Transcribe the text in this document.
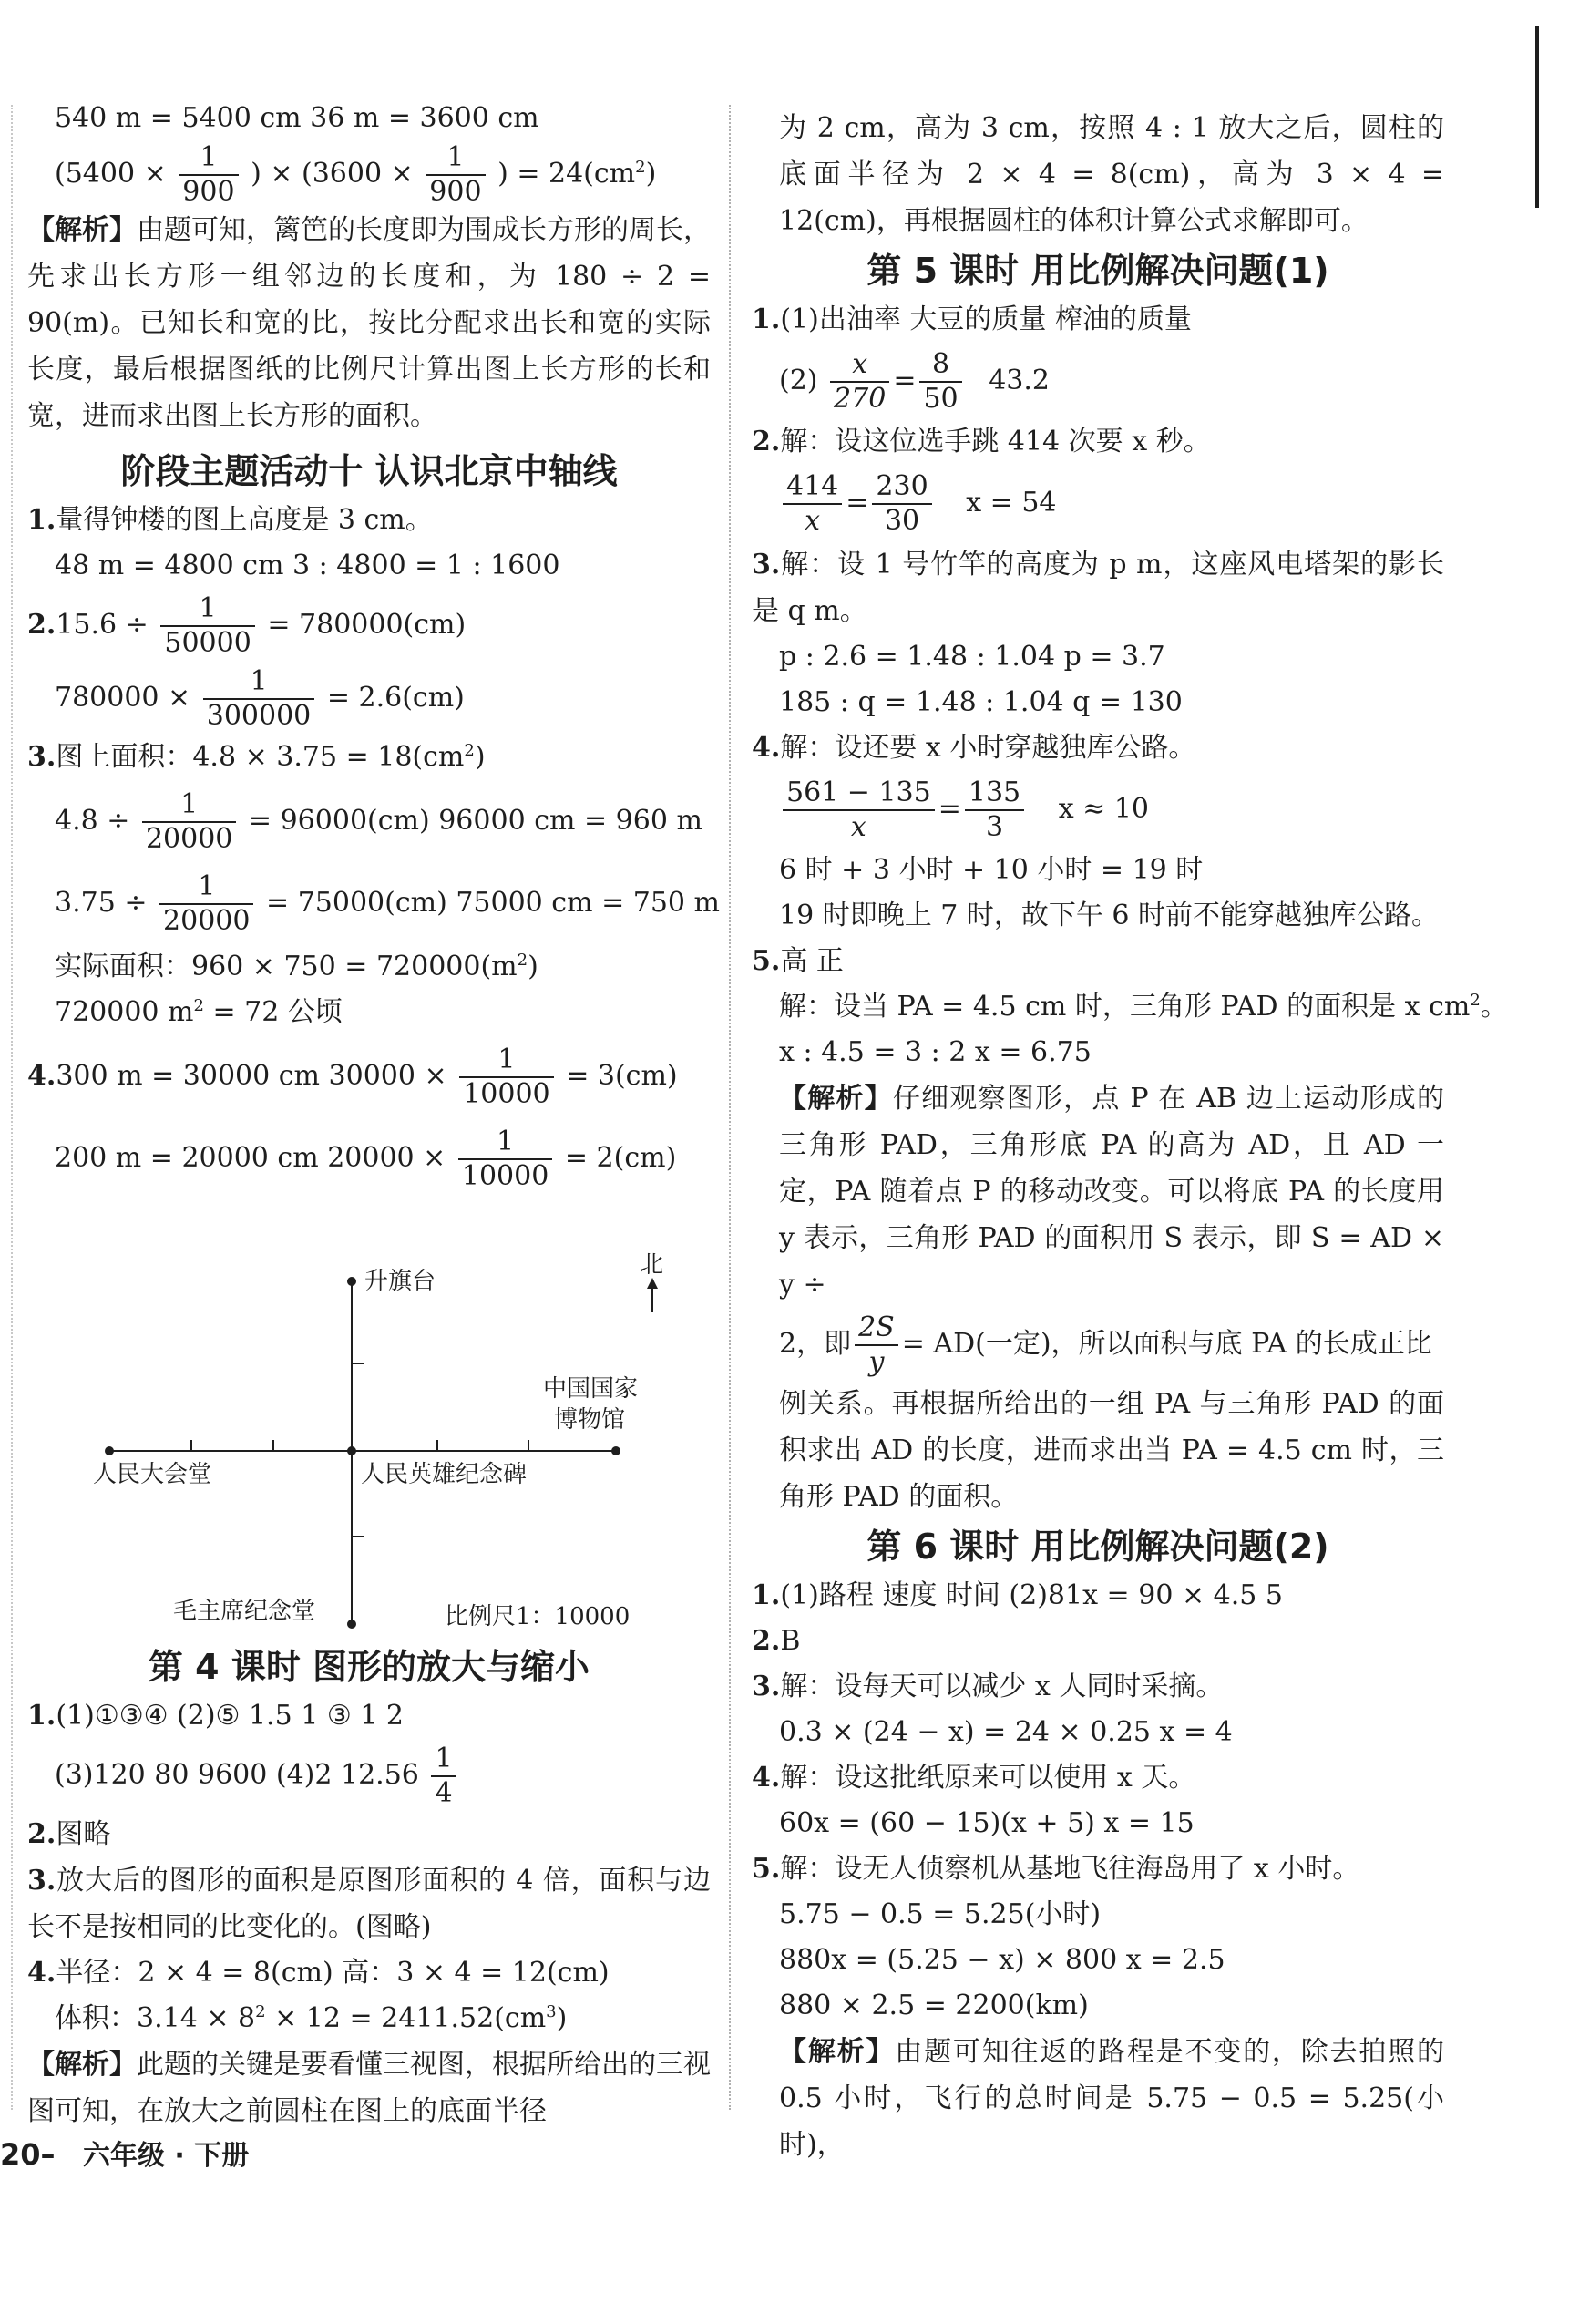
540 m = 5400 cm 36 m = 3600 cm
($5400 \times \frac{1}{900}$ ) × ($3600 \times \frac{1}{900}$ ) = $24(cm^2)$
【解析】由题可知，篱笆的长度即为围成长方形的周长，先求出长方形一组邻边的长度和，为 180 ÷ 2 = 90(m)。已知长和宽的比，按比分配求出长和宽的实际长度，最后根据图纸的比例尺计算出图上长方形的长和宽，进而求出图上长方形的面积。
阶段主题活动十 认识北京中轴线
1.量得钟楼的图上高度是 3 cm。
48 m = 4800 cm 3 : 4800 = 1 : 1600
$2.15.6 \div \frac{1}{50000} = 780000(cm)$
$780000 \times \frac{1}{300000} = 2.6(cm)$
3.图上面积：$4.8 \times 3.75 = 18(cm^2)$
$4.8 \div \frac{1}{20000} = 96000(cm)$ 96000 cm = 960 m
$3.75 \div \frac{1}{20000} = 75000(cm)$ 75000 cm = 750 m
实际面积：$960 \times 750 = 720000(m^2)$
720000 $m^2 = 72$ 公顷
4.300 m = 30000 cm $30000 \times \frac{1}{10000} = 3(cm)$
200 m = 20000 cm $20000 \times \frac{1}{10000} = 2(cm)$
升旗台
北
中国国家
博物馆
人民大会堂	人民英雄纪念碑
毛主席纪念堂	比例尺1：10000
第 4 课时 图形的放大与缩小
1.(1)①③④ (2)⑤ 1.5 1 ③ 1 2
(3)120 80 9600 (4)2 $12.56 \frac{1}{4}$
2.图略
3.放大后的图形的面积是原图形面积的 4 倍，面积与边长不是按相同的比变化的。(图略)
4.半径：2 × 4 = 8(cm) 高：3 × 4 = 12(cm)
体积：$3.14 \times 8^2 \times 12 = 2411.52(cm^3)$
【解析】此题的关键是要看懂三视图，根据所给出的三视图可知，在放大之前圆柱在图上的底面半径
为 2 cm，高为 3 cm，按照 4 : 1 放大之后，圆柱的底面半径为 2 × 4 = 8(cm)，高为 3 × 4 = 12(cm)，再根据圆柱的体积计算公式求解即可。
第 5 课时 用比例解决问题(1)
1.(1)出油率 大豆的质量 榨油的质量
$(2) \frac{x}{270} = \frac{8}{50} 43.2$
2.解：设这位选手跳 414 次要 x 秒。
$\frac{414}{x} = \frac{230}{30}$ x = 54
3.解：设 1 号竹竿的高度为 p m，这座风电塔架的影长是 q m。
p : 2.6 = 1.48 : 1.04 p = 3.7
185 : q = 1.48 : 1.04 q = 130
4.解：设还要 x 小时穿越独库公路。
$\frac{561 - 135}{x} = \frac{135}{3}$ x ≈ 10
6 时 + 3 小时 + 10 小时 = 19 时
19 时即晚上 7 时，故下午 6 时前不能穿越独库公路。
5.高 正
解：设当 PA = 4.5 cm 时，三角形 PAD 的面积是 x $cm^2$。
x : 4.5 = 3 : 2 x = 6.75
【解析】仔细观察图形，点 P 在 AB 边上运动形成的三角形 PAD，三角形底 PA 的高为 AD，且 AD 一定，PA 随着点 P 的移动改变。可以将底 PA 的长度用 y 表示，三角形 PAD 的面积用 S 表示，即 S = AD × y ÷
2，即 $\frac{2S}{y} = AD$(一定)，所以面积与底 PA 的长成正比
例关系。再根据所给出的一组 PA 与三角形 PAD 的面积求出 AD 的长度，进而求出当 PA = 4.5 cm 时，三角形 PAD 的面积。
第 6 课时 用比例解决问题(2)
1.(1)路程 速度 时间 (2)81x = 90 × 4.5 5
2.B
3.解：设每天可以减少 x 人同时采摘。
0.3 × (24 − x) = 24 × 0.25 x = 4
4.解：设这批纸原来可以使用 x 天。
60x = (60 − 15)(x + 5) x = 15
5.解：设无人侦察机从基地飞往海岛用了 x 小时。
5.75 − 0.5 = 5.25(小时)
880x = (5.25 − x) × 800 x = 2.5
880 × 2.5 = 2200(km)
【解析】由题可知往返的路程是不变的，除去拍照的 0.5 小时，飞行的总时间是 5.75 − 0.5 = 5.25(小时)，
20– 六年级 · 下册
